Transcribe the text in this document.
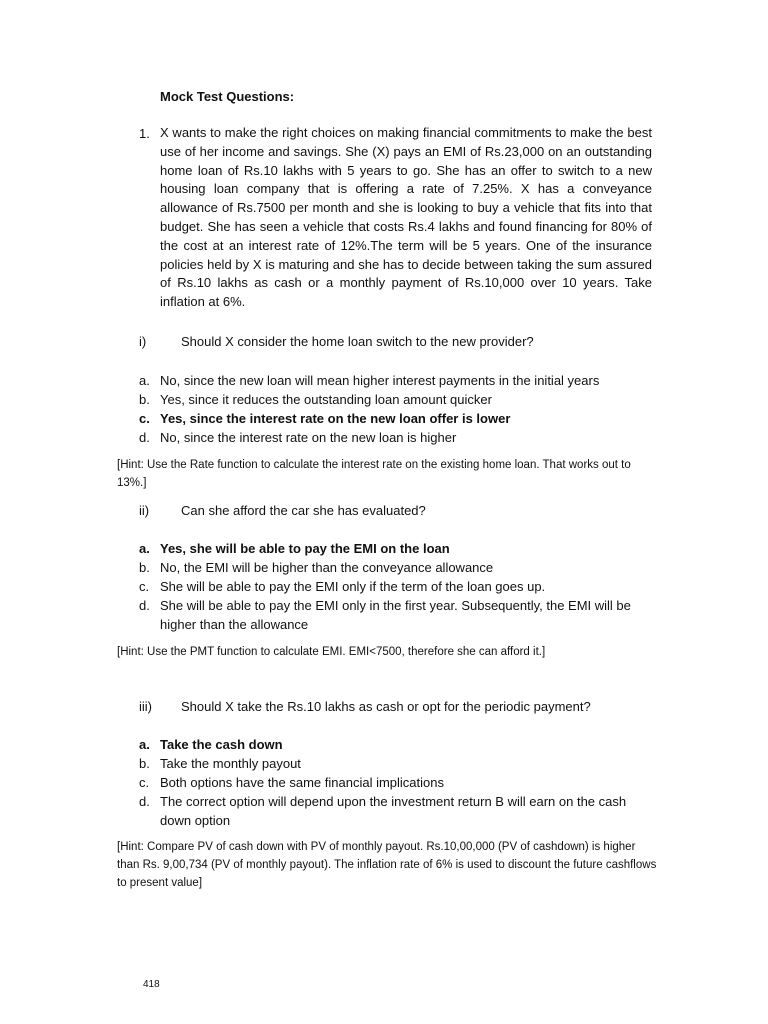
Mock Test Questions:
1. X wants to make the right choices on making financial commitments to make the best use of her income and savings. She (X) pays an EMI of Rs.23,000 on an outstanding home loan of Rs.10 lakhs with 5 years to go. She has an offer to switch to a new housing loan company that is offering a rate of 7.25%. X has a conveyance allowance of Rs.7500 per month and she is looking to buy a vehicle that fits into that budget. She has seen a vehicle that costs Rs.4 lakhs and found financing for 80% of the cost at an interest rate of 12%.The term will be 5 years. One of the insurance policies held by X is maturing and she has to decide between taking the sum assured of Rs.10 lakhs as cash or a monthly payment of Rs.10,000 over 10 years. Take inflation at 6%.
i)	Should X consider the home loan switch to the new provider?
a. No, since the new loan will mean higher interest payments in the initial years
b. Yes, since it reduces the outstanding loan amount quicker
c. Yes, since the interest rate on the new loan offer is lower
d. No, since the interest rate on the new loan is higher
[Hint: Use the Rate function to calculate the interest rate on the existing home loan. That works out to 13%.]
ii)	Can she afford the car she has evaluated?
a. Yes, she will be able to pay the EMI on the loan
b. No, the EMI will be higher than the conveyance allowance
c. She will be able to pay the EMI only if the term of the loan goes up.
d. She will be able to pay the EMI only in the first year. Subsequently, the EMI will be higher than the allowance
[Hint: Use the PMT function to calculate EMI. EMI<7500, therefore she can afford it.]
iii)	Should X take the Rs.10 lakhs as cash or opt for the periodic payment?
a. Take the cash down
b. Take the monthly payout
c. Both options have the same financial implications
d. The correct option will depend upon the investment return B will earn on the cash down option
[Hint: Compare PV of cash down with PV of monthly payout. Rs.10,00,000 (PV of cashdown) is higher than Rs. 9,00,734 (PV of monthly payout). The inflation rate of 6% is used to discount the future cashflows to present value]
418
